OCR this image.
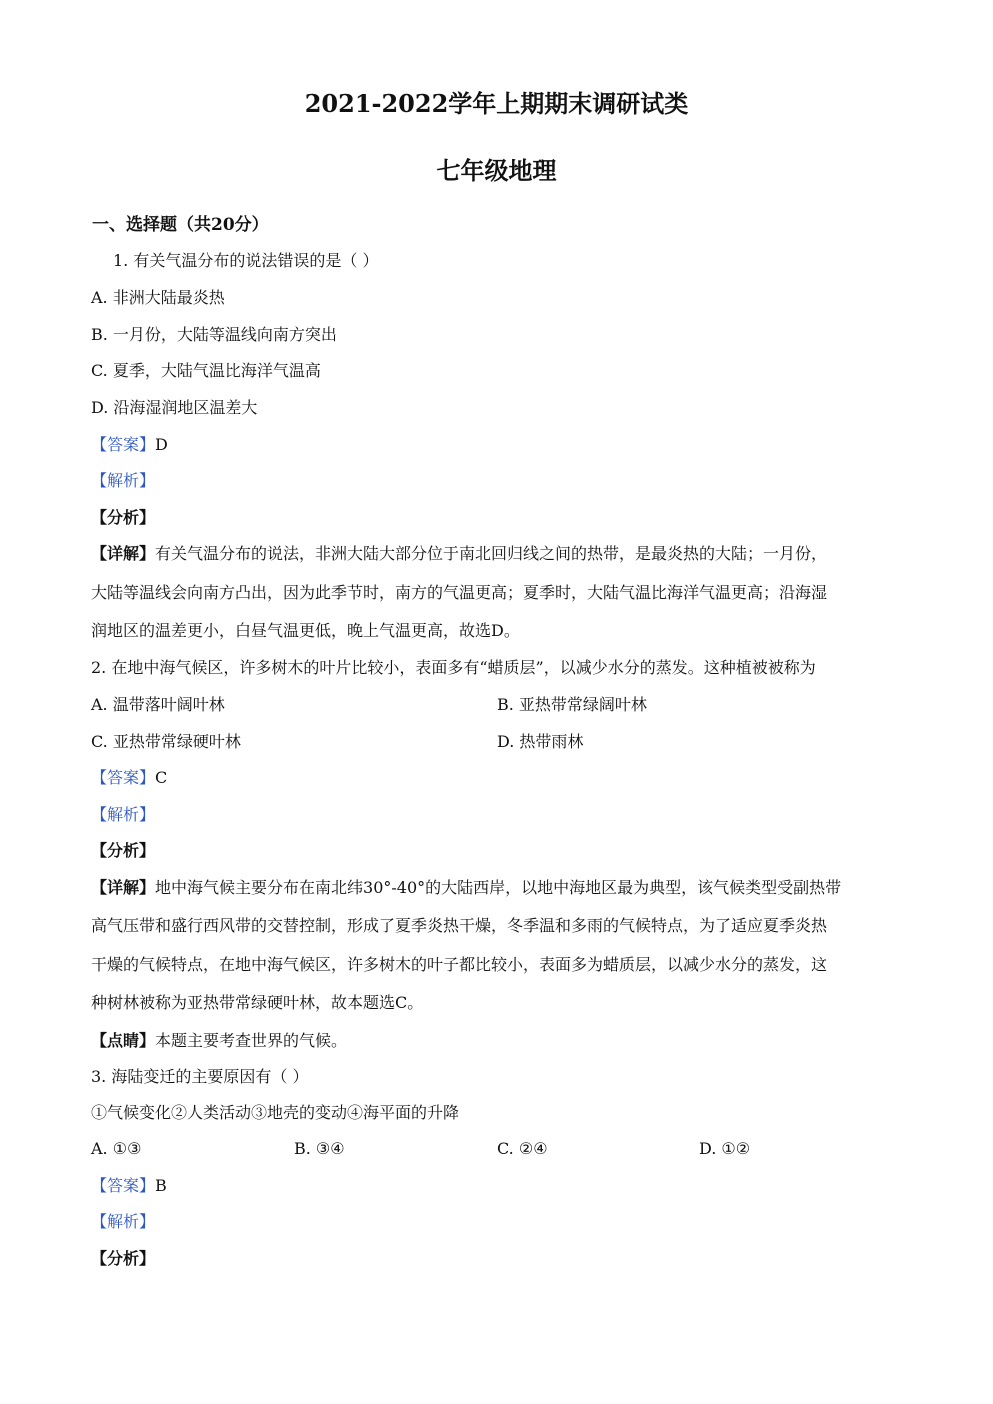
2021-2022学年上期期末调研试类
七年级地理
一、选择题（共20分）
1. 有关气温分布的说法错误的是（ ）
A. 非洲大陆最炎热
B. 一月份，大陆等温线向南方突出
C. 夏季，大陆气温比海洋气温高
D. 沿海湿润地区温差大
【答案】D
【解析】
【分析】
【详解】有关气温分布的说法，非洲大陆大部分位于南北回归线之间的热带，是最炎热的大陆；一月份，
大陆等温线会向南方凸出，因为此季节时，南方的气温更高；夏季时，大陆气温比海洋气温更高；沿海湿
润地区的温差更小，白昼气温更低，晚上气温更高，故选D。
2. 在地中海气候区，许多树木的叶片比较小，表面多有“蜡质层”，以减少水分的蒸发。这种植被被称为
A. 温带落叶阔叶林	B. 亚热带常绿阔叶林
C. 亚热带常绿硬叶林	D. 热带雨林
【答案】C
【解析】
【分析】
【详解】地中海气候主要分布在南北纬30°-40°的大陆西岸，以地中海地区最为典型，该气候类型受副热带
高气压带和盛行西风带的交替控制，形成了夏季炎热干燥，冬季温和多雨的气候特点，为了适应夏季炎热
干燥的气候特点，在地中海气候区，许多树木的叶子都比较小，表面多为蜡质层，以减少水分的蒸发，这
种树林被称为亚热带常绿硬叶林，故本题选C。
【点睛】本题主要考查世界的气候。
3. 海陆变迁的主要原因有（ ）
①气候变化②人类活动③地壳的变动④海平面的升降
A. ①③	B. ③④	C. ②④	D. ①②
【答案】B
【解析】
【分析】
